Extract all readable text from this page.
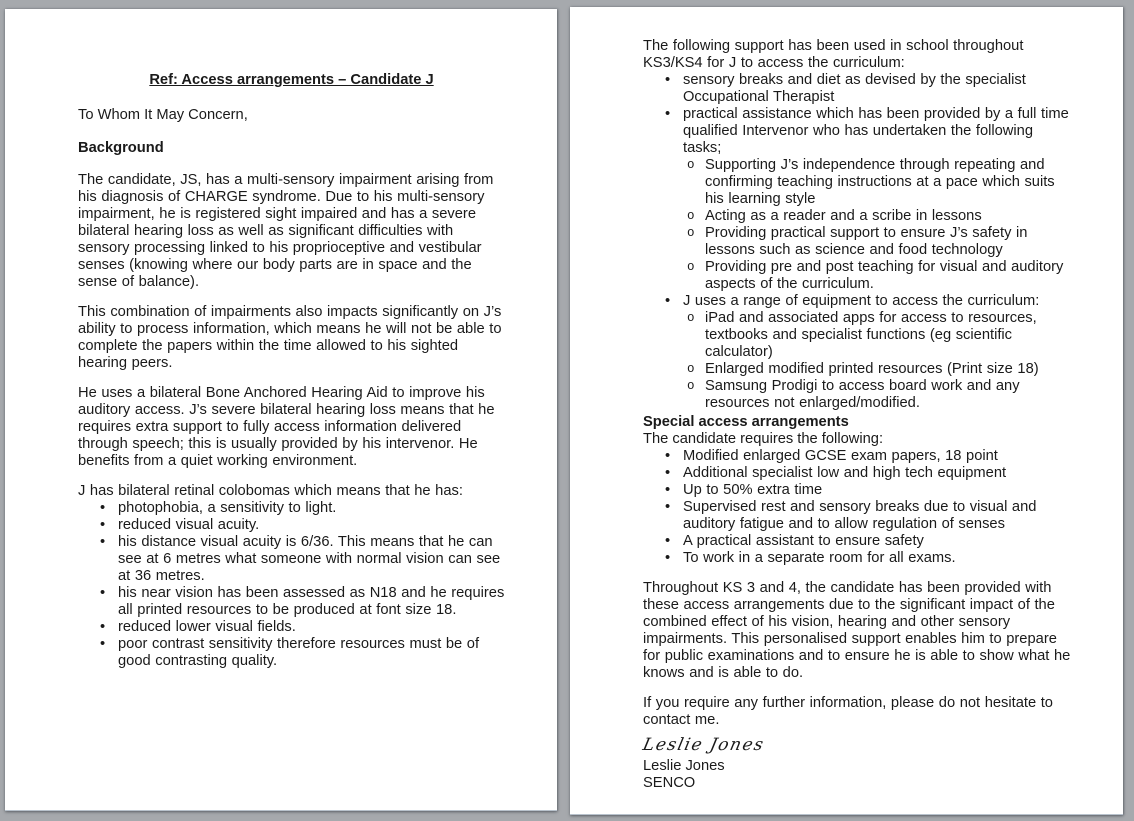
Ref: Access arrangements – Candidate J

To Whom It May Concern,

Background

The candidate, JS, has a multi-sensory impairment arising from his diagnosis of CHARGE syndrome. Due to his multi-sensory impairment, he is registered sight impaired and has a severe bilateral hearing loss as well as significant difficulties with sensory processing linked to his proprioceptive and vestibular senses (knowing where our body parts are in space and the sense of balance).

This combination of impairments also impacts significantly on J’s ability to process information, which means he will not be able to complete the papers within the time allowed to his sighted hearing peers.

He uses a bilateral Bone Anchored Hearing Aid to improve his auditory access. J’s severe bilateral hearing loss means that he requires extra support to fully access information delivered through speech; this is usually provided by his intervenor. He benefits from a quiet working environment.

J has bilateral retinal colobomas which means that he has:

• photophobia, a sensitivity to light.
• reduced visual acuity.
• his distance visual acuity is 6/36. This means that he can see at 6 metres what someone with normal vision can see at 36 metres.
• his near vision has been assessed as N18 and he requires all printed resources to be produced at font size 18.
• reduced lower visual fields.
• poor contrast sensitivity therefore resources must be of good contrasting quality.

The following support has been used in school throughout KS3/KS4 for J to access the curriculum:

• sensory breaks and diet as devised by the specialist Occupational Therapist
• practical assistance which has been provided by a full time qualified Intervenor who has undertaken the following tasks;
o Supporting J’s independence through repeating and confirming teaching instructions at a pace which suits his learning style
o Acting as a reader and a scribe in lessons
o Providing practical support to ensure J’s safety in lessons such as science and food technology
o Providing pre and post teaching for visual and auditory aspects of the curriculum.
• J uses a range of equipment to access the curriculum:
o iPad and associated apps for access to resources, textbooks and specialist functions (eg scientific calculator)
o Enlarged modified printed resources (Print size 18)
o Samsung Prodigi to access board work and any resources not enlarged/modified.

Special access arrangements

The candidate requires the following:

• Modified enlarged GCSE exam papers, 18 point
• Additional specialist low and high tech equipment
• Up to 50% extra time
• Supervised rest and sensory breaks due to visual and auditory fatigue and to allow regulation of senses
• A practical assistant to ensure safety
• To work in a separate room for all exams.

Throughout KS 3 and 4, the candidate has been provided with these access arrangements due to the significant impact of the combined effect of his vision, hearing and other sensory impairments. This personalised support enables him to prepare for public examinations and to ensure he is able to show what he knows and is able to do.

If you require any further information, please do not hesitate to contact me.

Leslie Jones
Leslie Jones
SENCO
